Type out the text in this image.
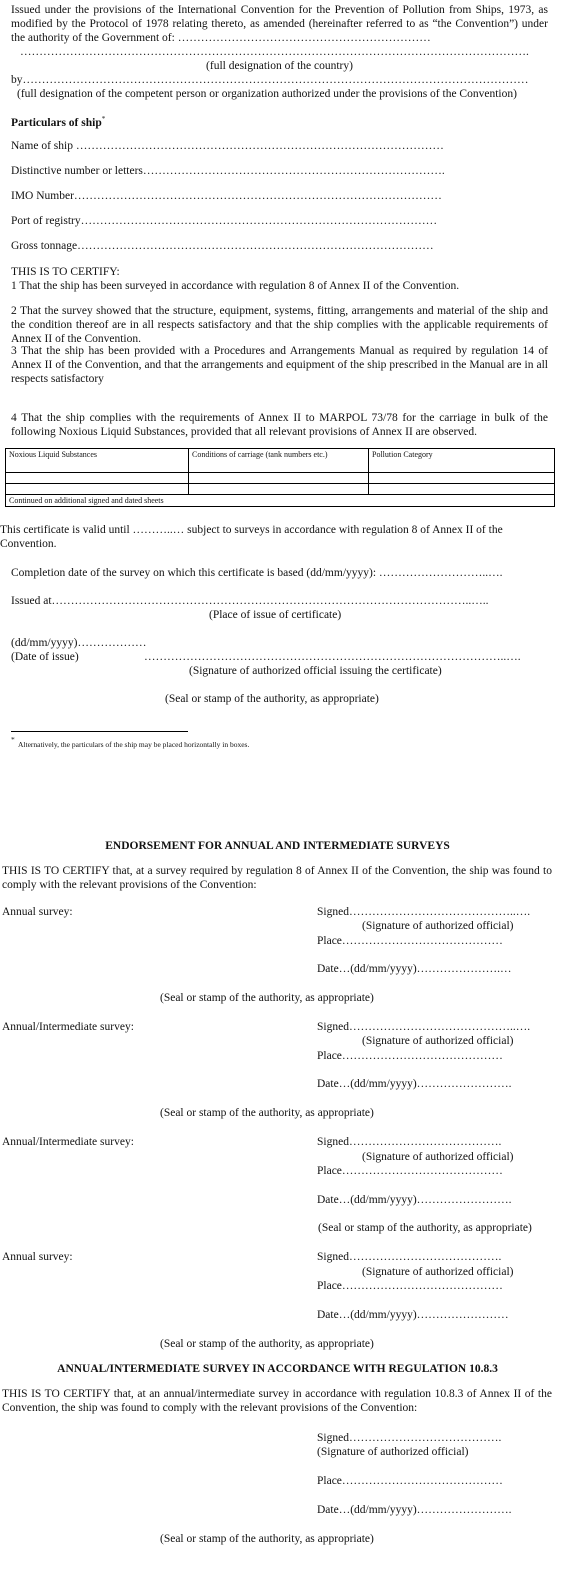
Issued under the provisions of the International Convention for the Prevention of Pollution from Ships, 1973, as modified by the Protocol of 1978 relating thereto, as amended (hereinafter referred to as “the Convention”) under the authority of the Government of: …………………………………………………………
…………………………………………………………………………………………………………………….
(full designation of the country)
by……………………………………………………………………………………………………………………
(full designation of the competent person or organization authorized under the provisions of the Convention)
Particulars of ship*
Name of ship ……………………………………………………………………………………
Distinctive number or letters…………………………………………………………………….
IMO Number……………………………………………………………………………………
Port of registry…………………………………………………………………………………
Gross tonnage…………………………………………………………………………………
THIS IS TO CERTIFY:
1 That the ship has been surveyed in accordance with regulation 8 of Annex II of the Convention.
2 That the survey showed that the structure, equipment, systems, fitting, arrangements and material of the ship and the condition thereof are in all respects satisfactory and that the ship complies with the applicable requirements of Annex II of the Convention.
3 That the ship has been provided with a Procedures and Arrangements Manual as required by regulation 14 of Annex II of the Convention, and that the arrangements and equipment of the ship prescribed in the Manual are in all respects satisfactory
4 That the ship complies with the requirements of Annex II to MARPOL 73/78 for the carriage in bulk of the following Noxious Liquid Substances, provided that all relevant provisions of Annex II are observed.
Noxious Liquid Substances	Conditions of carriage (tank numbers etc.)	Pollution Category

Continued on additional signed and dated sheets		
This certificate is valid until ………..… subject to surveys in accordance with regulation 8 of Annex II of the Convention.
Completion date of the survey on which this certificate is based (dd/mm/yyyy): ………………………..….
Issued at………………………………………………………………………………………………..…..
(Place of issue of certificate)
(dd/mm/yyyy)………………
(Date of issue)	…………………………………………………………………………………..….
(Signature of authorized official issuing the certificate)
(Seal or stamp of the authority, as appropriate)
*
Alternatively, the particulars of the ship may be placed horizontally in boxes.
ENDORSEMENT FOR ANNUAL AND INTERMEDIATE SURVEYS
THIS IS TO CERTIFY that, at a survey required by regulation 8 of Annex II of the Convention, the ship was found to comply with the relevant provisions of the Convention:
Annual survey:	Signed……………………………………..….
(Signature of authorized official)
Place……………………………………
Date…(dd/mm/yyyy)………………….…
(Seal or stamp of the authority, as appropriate)
Annual/Intermediate survey:	Signed……………………………………..….
(Signature of authorized official)
Place……………………………………
Date…(dd/mm/yyyy)…………………….
(Seal or stamp of the authority, as appropriate)
Annual/Intermediate survey:	Signed………………………………….
(Signature of authorized official)
Place……………………………………
Date…(dd/mm/yyyy)…………………….
(Seal or stamp of the authority, as appropriate)
Annual survey:	Signed………………………………….
(Signature of authorized official)
Place……………………………………
Date…(dd/mm/yyyy)……………………
(Seal or stamp of the authority, as appropriate)
ANNUAL/INTERMEDIATE SURVEY IN ACCORDANCE WITH REGULATION 10.8.3
THIS IS TO CERTIFY that, at an annual/intermediate survey in accordance with regulation 10.8.3 of Annex II of the Convention, the ship was found to comply with the relevant provisions of the Convention:
Signed………………………………….
(Signature of authorized official)
Place……………………………………
Date…(dd/mm/yyyy)…………………….
(Seal or stamp of the authority, as appropriate)
